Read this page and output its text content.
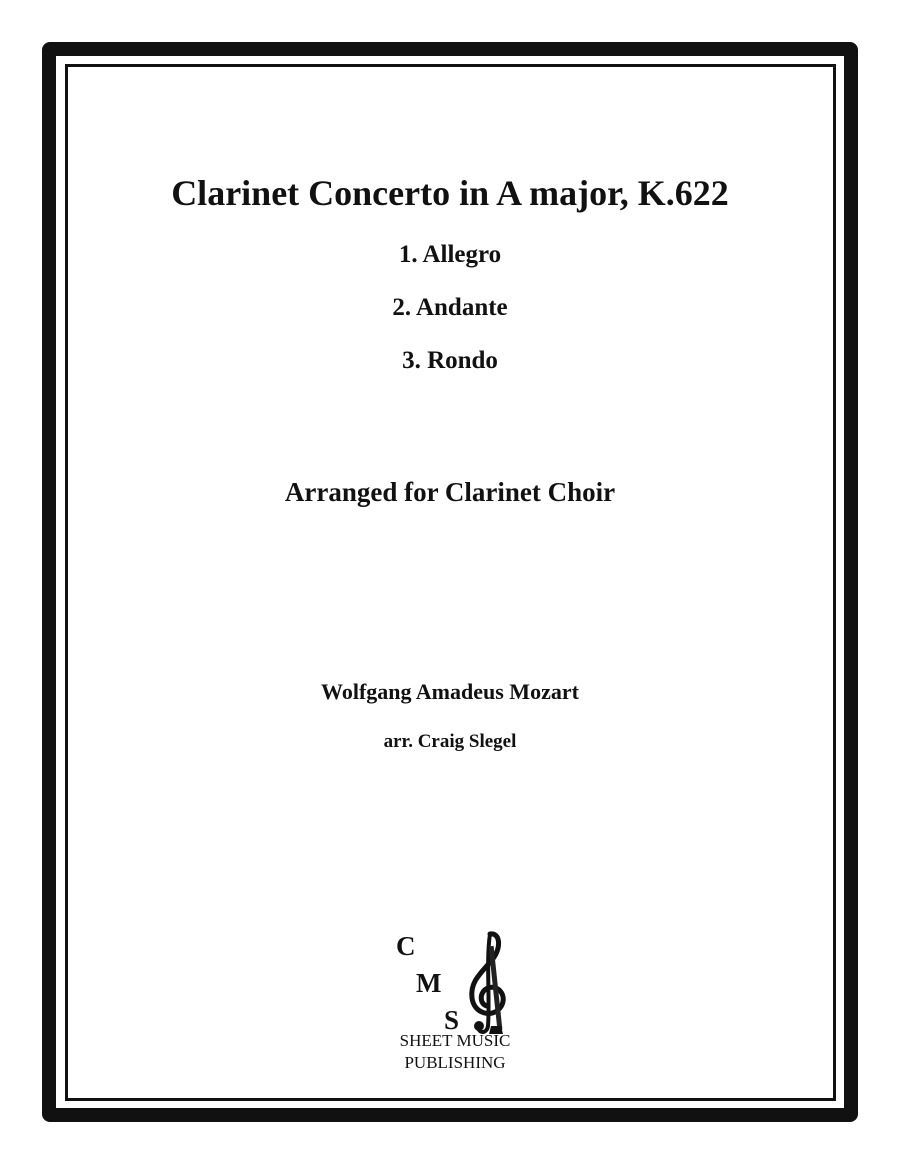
Clarinet Concerto in A major, K.622
1. Allegro
2. Andante
3. Rondo
Arranged for Clarinet Choir
Wolfgang Amadeus Mozart
arr. Craig Slegel
C
M
S
SHEET MUSIC
PUBLISHING
